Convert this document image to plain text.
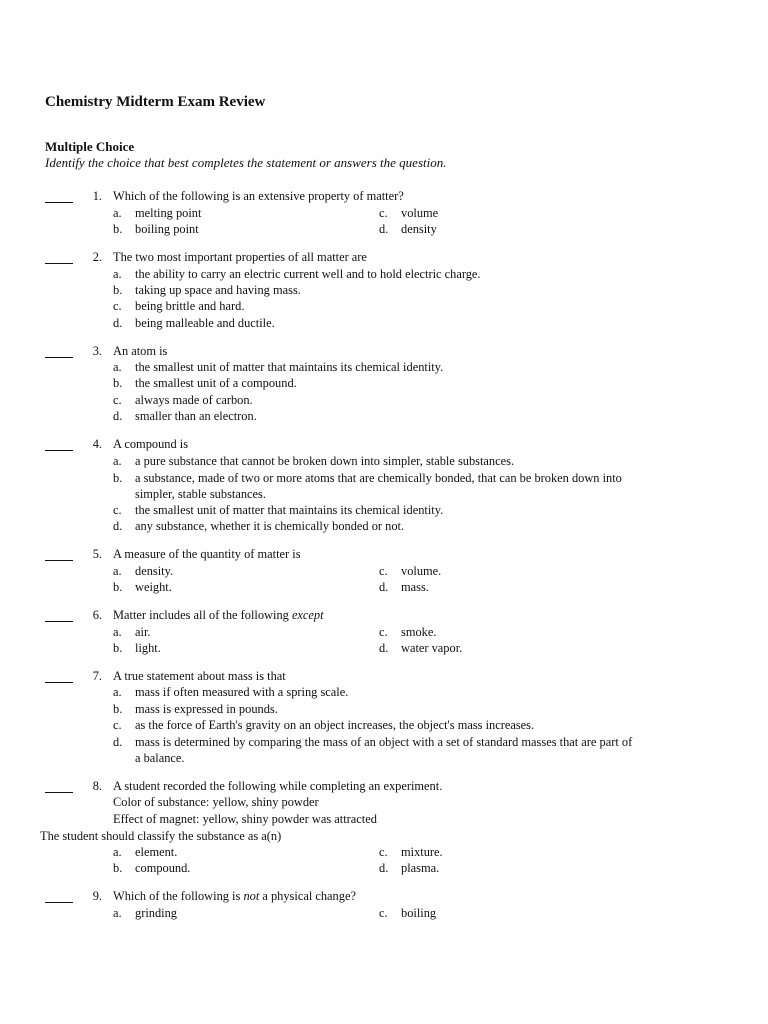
Chemistry Midterm Exam Review
Multiple Choice
Identify the choice that best completes the statement or answers the question.
1. Which of the following is an extensive property of matter?
a. melting point
b. boiling point
c. volume
d. density
2. The two most important properties of all matter are
a. the ability to carry an electric current well and to hold electric charge.
b. taking up space and having mass.
c. being brittle and hard.
d. being malleable and ductile.
3. An atom is
a. the smallest unit of matter that maintains its chemical identity.
b. the smallest unit of a compound.
c. always made of carbon.
d. smaller than an electron.
4. A compound is
a. a pure substance that cannot be broken down into simpler, stable substances.
b. a substance, made of two or more atoms that are chemically bonded, that can be broken down into simpler, stable substances.
c. the smallest unit of matter that maintains its chemical identity.
d. any substance, whether it is chemically bonded or not.
5. A measure of the quantity of matter is
a. density.
b. weight.
c. volume.
d. mass.
6. Matter includes all of the following except
a. air.
b. light.
c. smoke.
d. water vapor.
7. A true statement about mass is that
a. mass if often measured with a spring scale.
b. mass is expressed in pounds.
c. as the force of Earth's gravity on an object increases, the object's mass increases.
d. mass is determined by comparing the mass of an object with a set of standard masses that are part of a balance.
8. A student recorded the following while completing an experiment.
Color of substance: yellow, shiny powder
Effect of magnet: yellow, shiny powder was attracted
The student should classify the substance as a(n)
a. element.
b. compound.
c. mixture.
d. plasma.
9. Which of the following is not a physical change?
a. grinding	c. boiling
